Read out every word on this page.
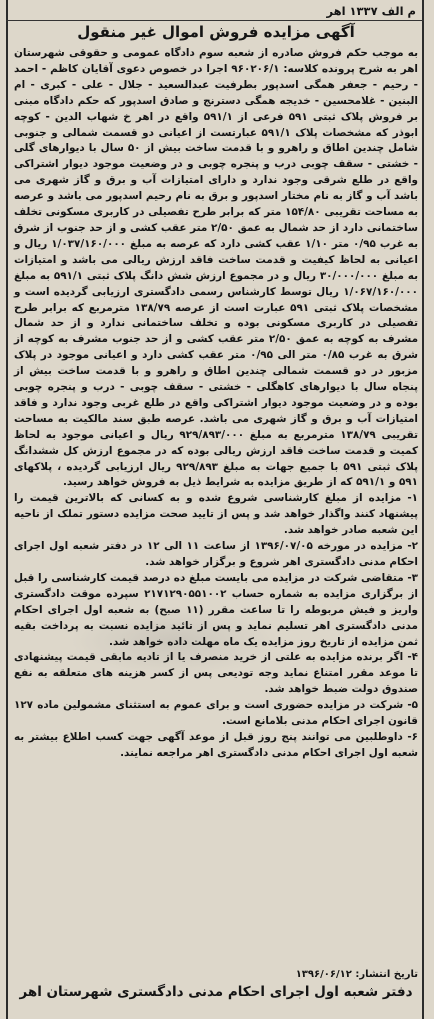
م الف ۱۳۳۷ اهر
آگهی مزایده فروش اموال غیر منقول

به موجب حکم فروش صادره از شعبه سوم دادگاه عمومی و حقوقی شهرستان اهر به شرح پرونده کلاسه: ۹۶۰۲۰۶/۱ اجرا در خصوص دعوی آقایان کاظم - احمد - رحیم - جعفر همگی اسدپور بطرفیت عبدالسعید - جلال - علی - کبری - ام البنین - غلامحسین - خدیجه همگی دسترنج و صادق اسدپور که حکم دادگاه مبنی بر فروش پلاک ثبتی ۵۹۱ فرعی از ۵۹۱/۱ واقع در اهر خ شهاب الدین - کوچه ابوذر که مشخصات پلاک ۵۹۱/۱ عبارتست از اعیانی دو قسمت شمالی و جنوبی شامل چندین اطاق و راهرو و با قدمت ساخت بیش از ۵۰ سال با دیوارهای گلی - خشتی - سقف چوبی درب و پنجره چوبی و در وضعیت موجود دیوار اشتراکی واقع در طلع شرقی وجود ندارد و دارای امتیازات آب و برق و گاز شهری می باشد آب و گاز به نام مختار اسدپور و برق به نام رحیم اسدپور می باشد و عرصه به مساحت تقریبی ۱۵۴/۸۰ متر که برابر طرح تفصیلی در کاربری مسکونی تخلف ساختمانی دارد از حد شمال به عمق ۲/۵۰ متر عقب کشی و از حد جنوب از شرق به غرب ۰/۹۵ متر ۱/۱۰ عقب کشی دارد که عرصه به مبلغ ۱/۰۳۷/۱۶۰/۰۰۰ ریال و اعیانی به لحاظ کیفیت و قدمت ساخت فاقد ارزش ریالی می باشد و امتیازات به مبلغ ۳۰/۰۰۰/۰۰۰ ریال و در مجموع ارزش شش دانگ پلاک ثبتی ۵۹۱/۱ به مبلغ ۱/۰۶۷/۱۶۰/۰۰۰ ریال توسط کارشناس رسمی دادگستری ارزیابی گردیده است و مشخصات پلاک ثبتی ۵۹۱ عبارت است از عرصه ۱۳۸/۷۹ مترمربع که برابر طرح تفصیلی در کاربری مسکونی بوده و تخلف ساختمانی ندارد و از حد شمال مشرف به کوچه به عمق ۲/۵۰ متر عقب کشی و از حد جنوب مشرف به کوچه از شرق به غرب ۰/۸۵ متر الی ۰/۹۵ متر عقب کشی دارد و اعیانی موجود در پلاک مزبور در دو قسمت شمالی چندین اطاق و راهرو و با قدمت ساخت بیش از پنجاه سال با دیوارهای کاهگلی - خشتی - سقف چوبی - درب و پنجره چوبی بوده و در وضعیت موجود دیوار اشتراکی واقع در طلع غربی وجود ندارد و فاقد امتیازات آب و برق و گاز شهری می باشد. عرصه طبق سند مالکیت به مساحت تقریبی ۱۳۸/۷۹ مترمربع به مبلغ ۹۲۹/۸۹۳/۰۰۰ ریال و اعیانی موجود به لحاظ کمیت و قدمت ساخت فاقد ارزش ریالی بوده که در مجموع ارزش کل ششدانگ پلاک ثبتی ۵۹۱ با جمیع جهات به مبلغ ۹۲۹/۸۹۳ ریال ارزیابی گردیده ، پلاکهای ۵۹۱ و ۵۹۱/۱ که از طریق مزایده به شرایط ذیل به فروش خواهد رسید.

۱- مزایده از مبلغ کارشناسی شروع شده و به کسانی که بالاترین قیمت را پیشنهاد کنند واگذار خواهد شد و پس از تایید صحت مزایده دستور تملک از ناحیه این شعبه صادر خواهد شد.

۲- مزایده در مورخه ۱۳۹۶/۰۷/۰۵ از ساعت ۱۱ الی ۱۲ در دفتر شعبه اول اجرای احکام مدنی دادگستری اهر شروع و برگزار خواهد شد.

۳- متقاضی شرکت در مزایده می بایست مبلغ ده درصد قیمت کارشناسی را قبل از برگزاری مزایده به شماره حساب ۲۱۷۱۲۹۰۵۵۱۰۰۲ سپرده موقت دادگستری واریز و فیش مربوطه را تا ساعت مقرر (۱۱ صبح) به شعبه اول اجرای احکام مدنی دادگستری اهر تسلیم نماید و پس از تائید مزایده نسبت به پرداخت بقیه ثمن مزایده از تاریخ روز مزایده یک ماه مهلت داده خواهد شد.

۴- اگر برنده مزایده به علتی از خرید منصرف یا از تادیه مابقی قیمت پیشنهادی تا موعد مقرر امتناع نماید وجه تودیعی پس از کسر هزینه های متعلقه به نفع صندوق دولت ضبط خواهد شد.

۵- شرکت در مزایده حضوری است و برای عموم به استثنای مشمولین ماده ۱۲۷ قانون اجرای احکام مدنی بلامانع است.

۶- داوطلبین می توانند پنج روز قبل از موعد آگهی جهت کسب اطلاع بیشتر به شعبه اول اجرای احکام مدنی دادگستری اهر مراجعه نمایند.

تاریخ انتشار: ۱۳۹۶/۰۶/۱۲
دفتر شعبه اول اجرای احکام مدنی دادگستری شهرستان اهر
